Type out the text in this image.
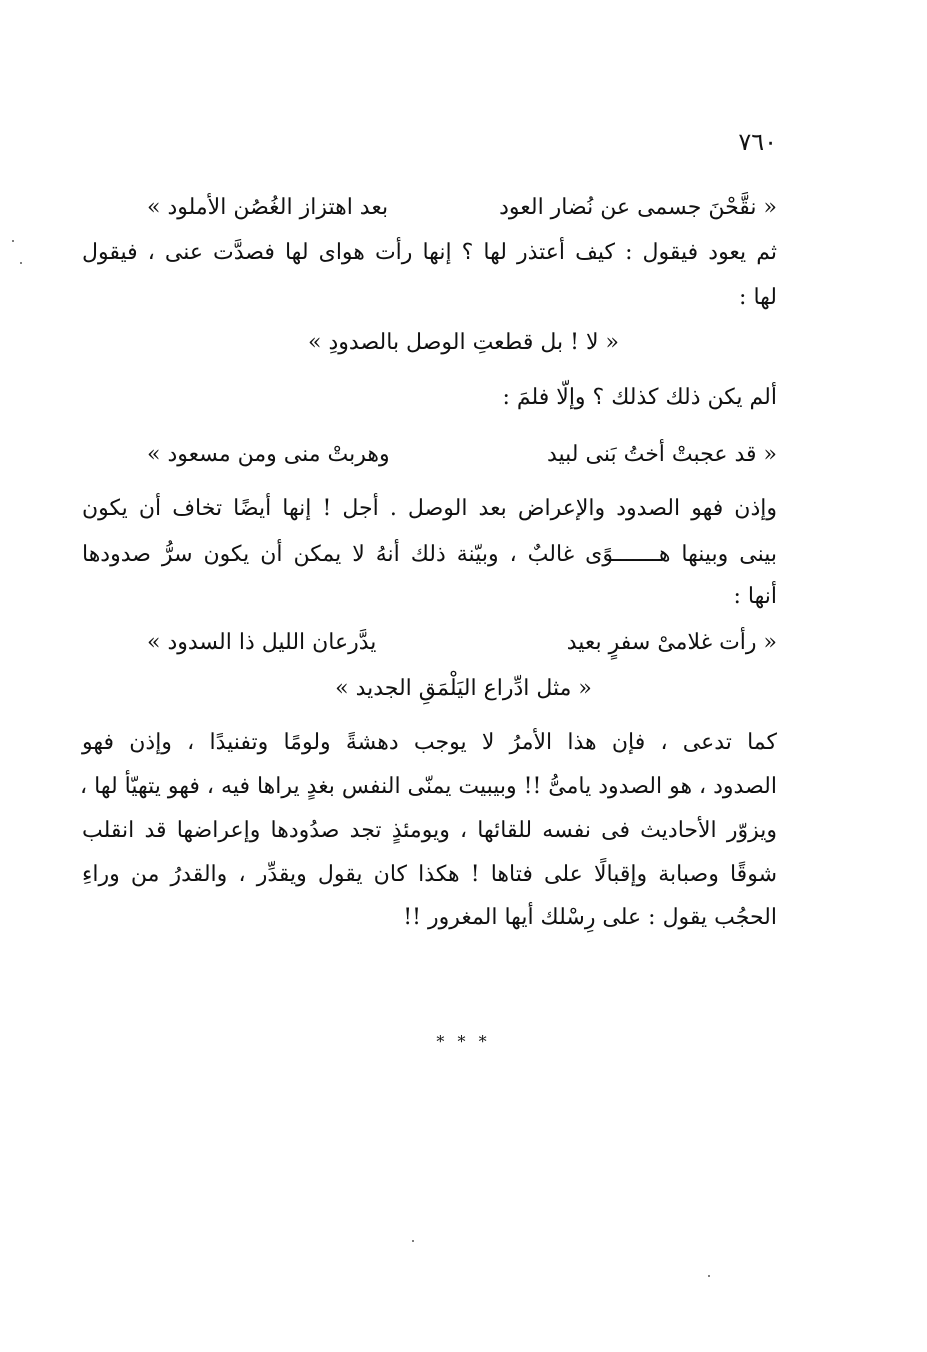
٧٦٠
« نقَّحْنَ جسمى عن نُضار العود
بعد اهتزاز الغُصُن الأملود »
ثم يعود فيقول : كيف أعتذر لها ؟ إنها رأت هواى لها فصدَّت عنى ، فيقول
لها :
« لا ! بل قطعتِ الوصل بالصدودِ »
ألم يكن ذلك كذلك ؟ وإلّا فلمَ :
« قد عجبتْ أختُ بَنى لبيد
وهربتْ منى ومن مسعود »
وإذن فهو الصدود والإعراض بعد الوصل . أجل ! إنها أيضًا تخاف أن يكون
بينى وبينها هـــــــوًى غالبٌ ، وبيّنة ذلك أنهُ لا يمكن أن يكون سرُّ صدودها
أنها :
« رأت غلامىْ سفرٍ بعيد
يدَّرعان الليل ذا السدود »
« مثل ادِّراع اليَلْمَقِ الجديد »
كما تدعى ، فإن هذا الأمرُ لا يوجب دهشةً ولومًا وتفنيدًا ، وإذن فهو
الصدود ، هو الصدود يامىُّ !! وبيبيت يمنّى النفس بغدٍ يراها فيه ، فهو يتهيّأ لها ،
ويزوّر الأحاديث فى نفسه للقائها ، ويومئذٍ تجد صدُودها وإعراضها قد انقلب
شوقًا وصبابة وإقبالًا على فتاها ! هكذا كان يقول ويقدِّر ، والقدرُ من وراءِ
الحجُب يقول : على رِسْلك أيها المغرور !!
* * *
